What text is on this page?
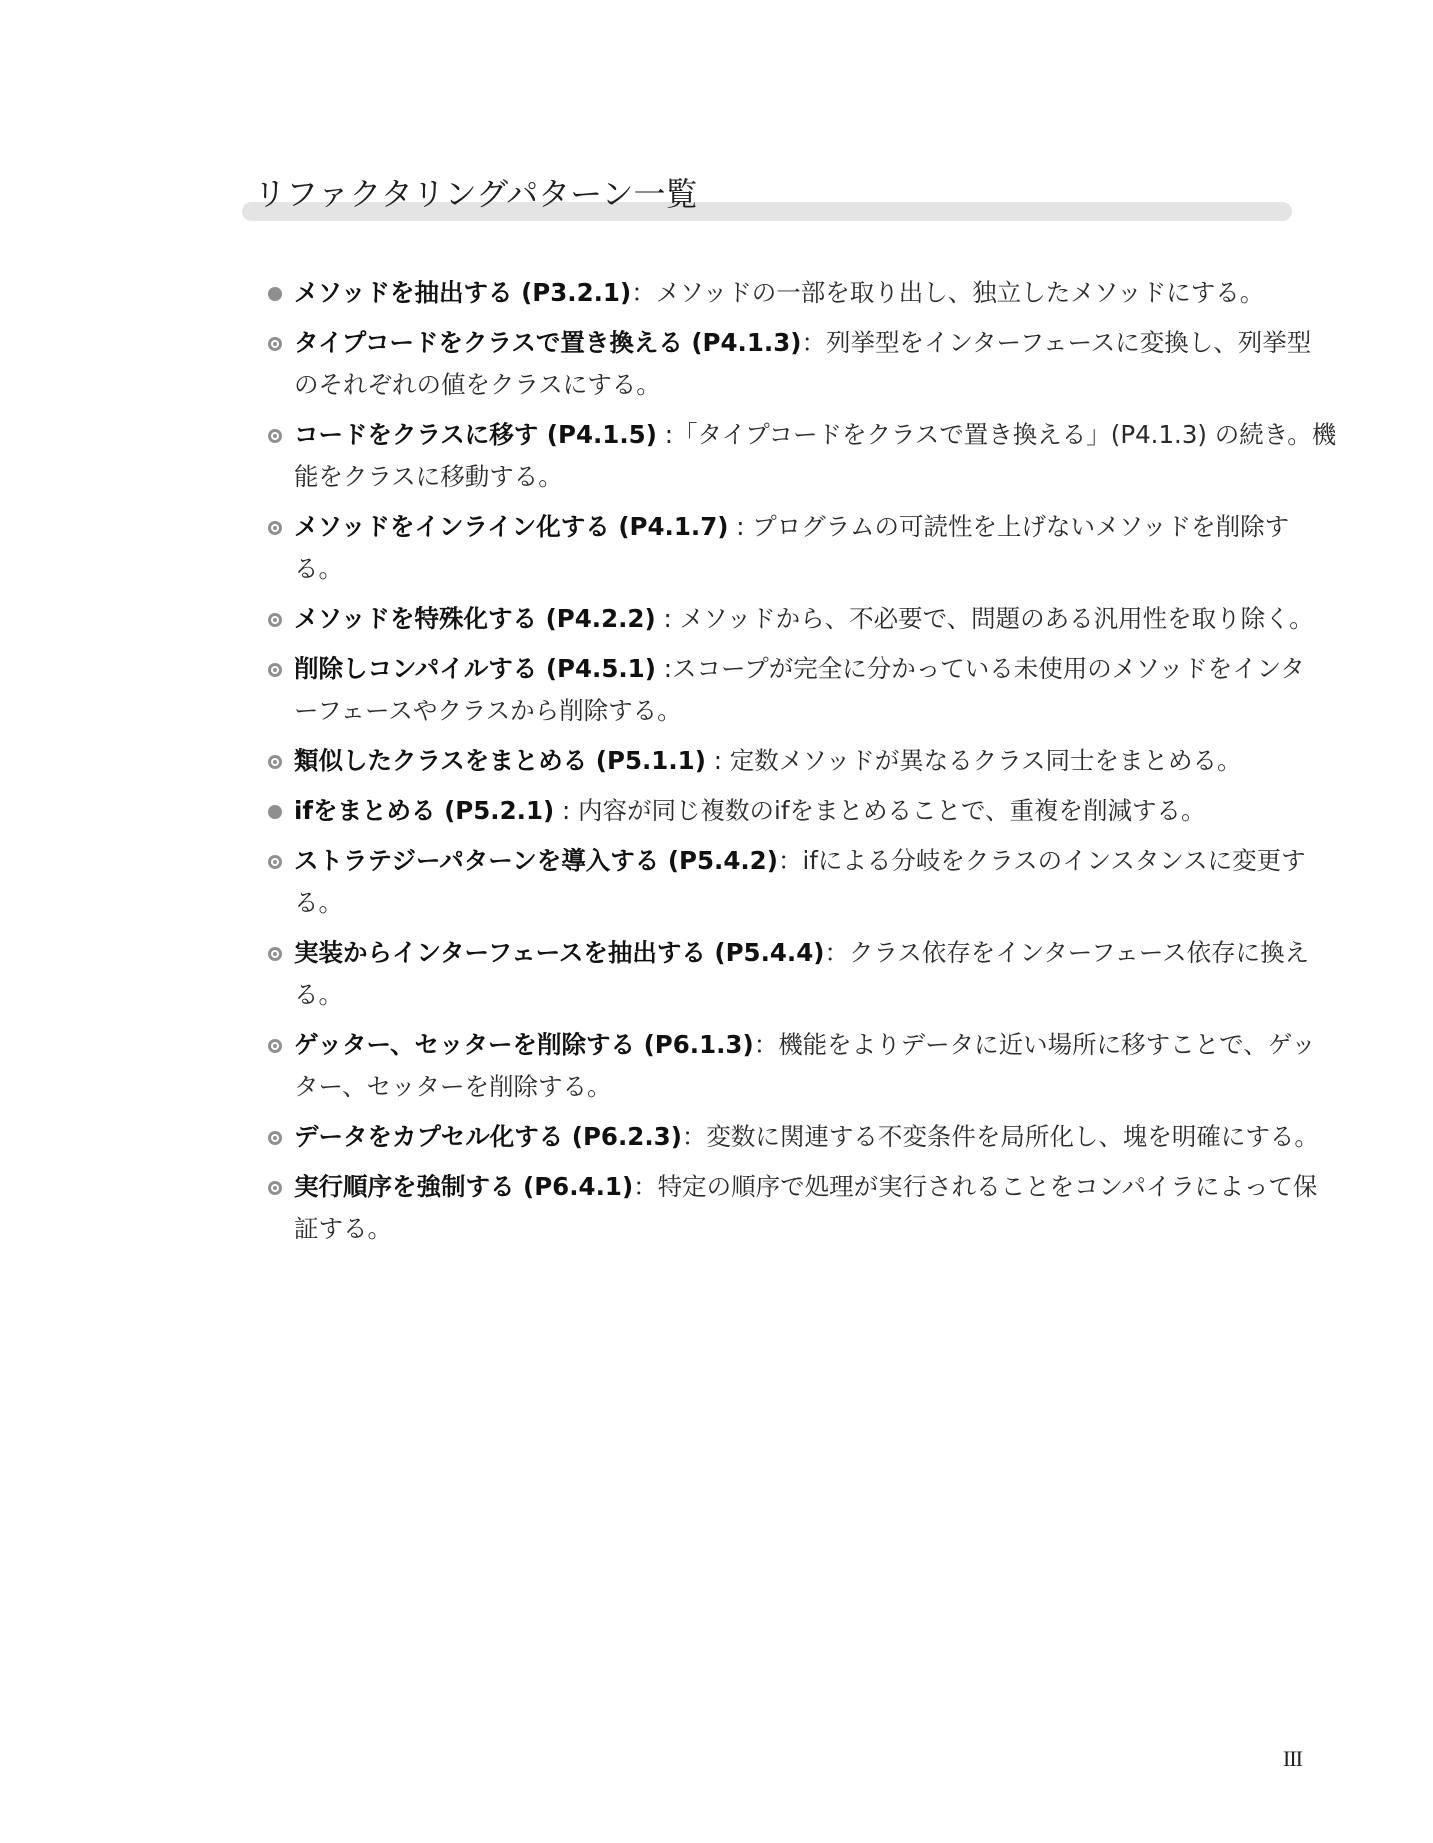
リファクタリングパターン一覧
メソッドを抽出する (P3.2.1)：メソッドの一部を取り出し、独立したメソッドにする。
タイプコードをクラスで置き換える (P4.1.3)：列挙型をインターフェースに変換し、列挙型のそれぞれの値をクラスにする。
コードをクラスに移す (P4.1.5) :「タイプコードをクラスで置き換える」(P4.1.3) の続き。機能をクラスに移動する。
メソッドをインライン化する (P4.1.7) : プログラムの可読性を上げないメソッドを削除する。
メソッドを特殊化する (P4.2.2) : メソッドから、不必要で、問題のある汎用性を取り除く。
削除しコンパイルする (P4.5.1) :スコープが完全に分かっている未使用のメソッドをインターフェースやクラスから削除する。
類似したクラスをまとめる (P5.1.1) : 定数メソッドが異なるクラス同士をまとめる。
ifをまとめる (P5.2.1) : 内容が同じ複数のifをまとめることで、重複を削減する。
ストラテジーパターンを導入する (P5.4.2)：ifによる分岐をクラスのインスタンスに変更する。
実装からインターフェースを抽出する (P5.4.4)：クラス依存をインターフェース依存に換える。
ゲッター、セッターを削除する (P6.1.3)：機能をよりデータに近い場所に移すことで、ゲッター、セッターを削除する。
データをカプセル化する (P6.2.3)：変数に関連する不変条件を局所化し、塊を明確にする。
実行順序を強制する (P6.4.1)：特定の順序で処理が実行されることをコンパイラによって保証する。
III
